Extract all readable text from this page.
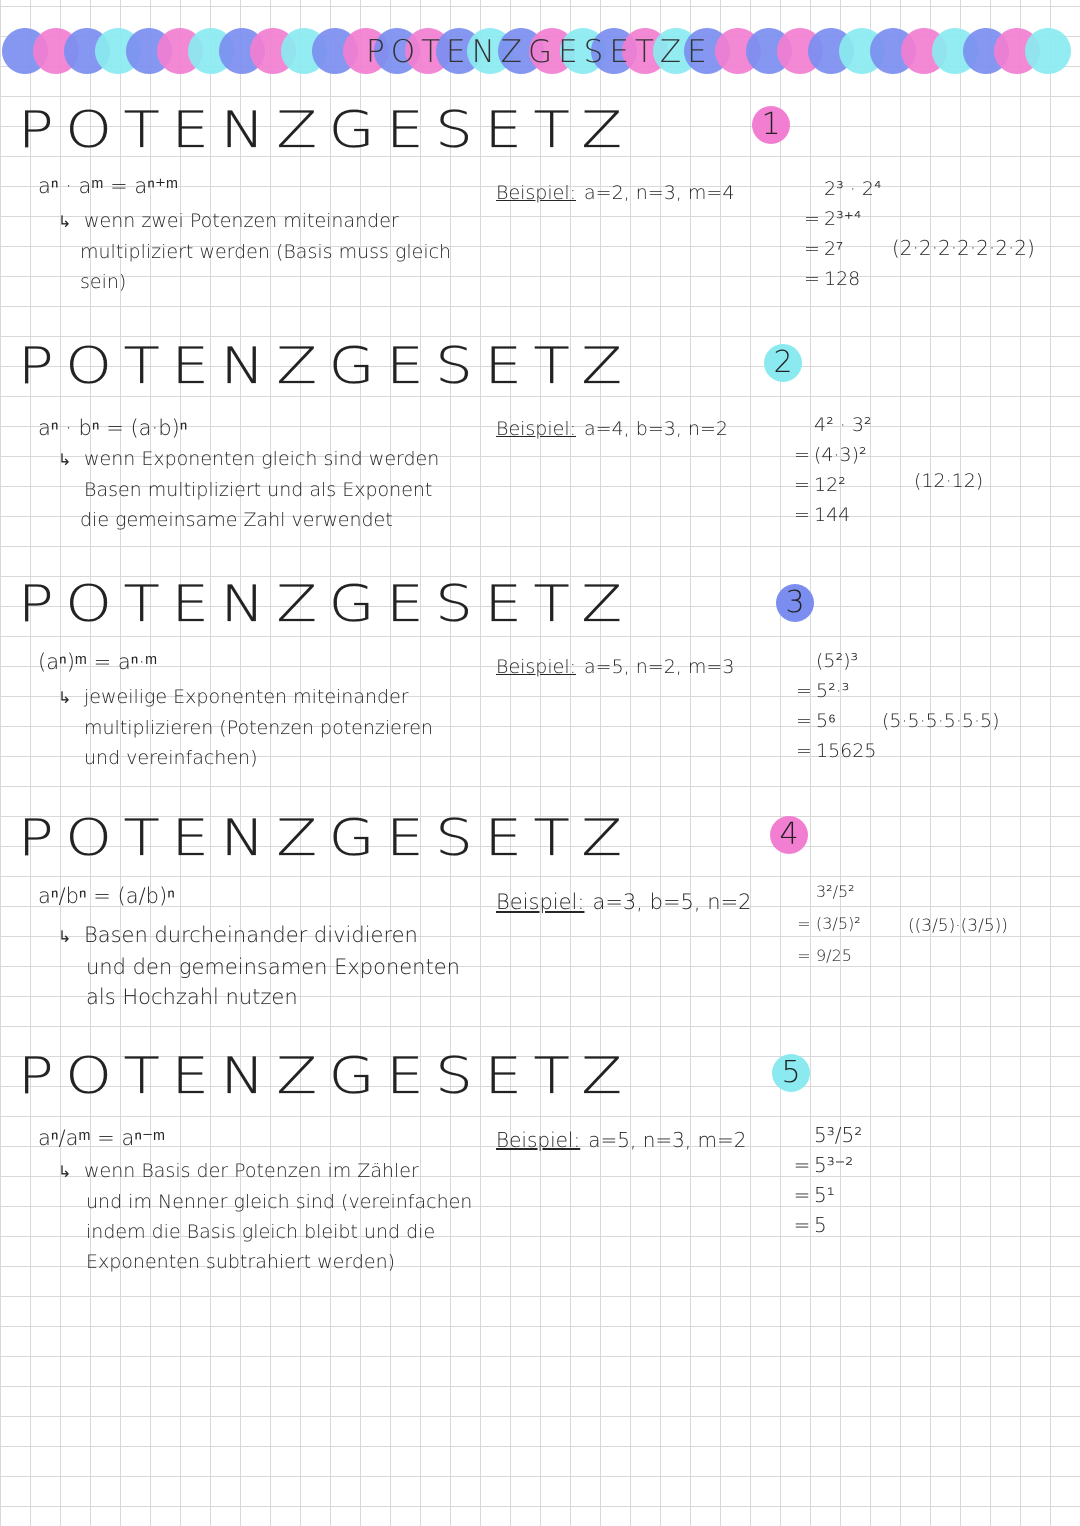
POTENZGESETZE
POTENZGESETZ	1
aⁿ · aᵐ = aⁿ⁺ᵐ
↳ wenn zwei Potenzen miteinander
multipliziert werden (Basis muss gleich
sein)
Beispiel: a=2, n=3, m=4	2³ · 2⁴
= 2³⁺⁴
= 2⁷
= 128
(2·2·2·2·2·2·2)
POTENZGESETZ	2
aⁿ · bⁿ = (a·b)ⁿ
↳ wenn Exponenten gleich sind werden
Basen multipliziert und als Exponent
die gemeinsame Zahl verwendet
Beispiel: a=4, b=3, n=2	4² · 3²
= (4·3)²
= 12²
= 144
(12·12)
POTENZGESETZ	3
(aⁿ)ᵐ = aⁿ·ᵐ
↳ jeweilige Exponenten miteinander
multiplizieren (Potenzen potenzieren
und vereinfachen)
Beispiel: a=5, n=2, m=3	(5²)³
= 5²·³
= 5⁶
= 15625
(5·5·5·5·5·5)
POTENZGESETZ	4
aⁿ/bⁿ = (a/b)ⁿ
↳ Basen durcheinander dividieren
und den gemeinsamen Exponenten
als Hochzahl nutzen
Beispiel: a=3, b=5, n=2	3²/5²
= (3/5)²
= 9/25
((3/5)·(3/5))
POTENZGESETZ	5
aⁿ/aᵐ = aⁿ⁻ᵐ
↳ wenn Basis der Potenzen im Zähler
und im Nenner gleich sind (vereinfachen
indem die Basis gleich bleibt und die
Exponenten subtrahiert werden)
Beispiel: a=5, n=3, m=2	5³/5²
= 5³⁻²
= 5¹
= 5
